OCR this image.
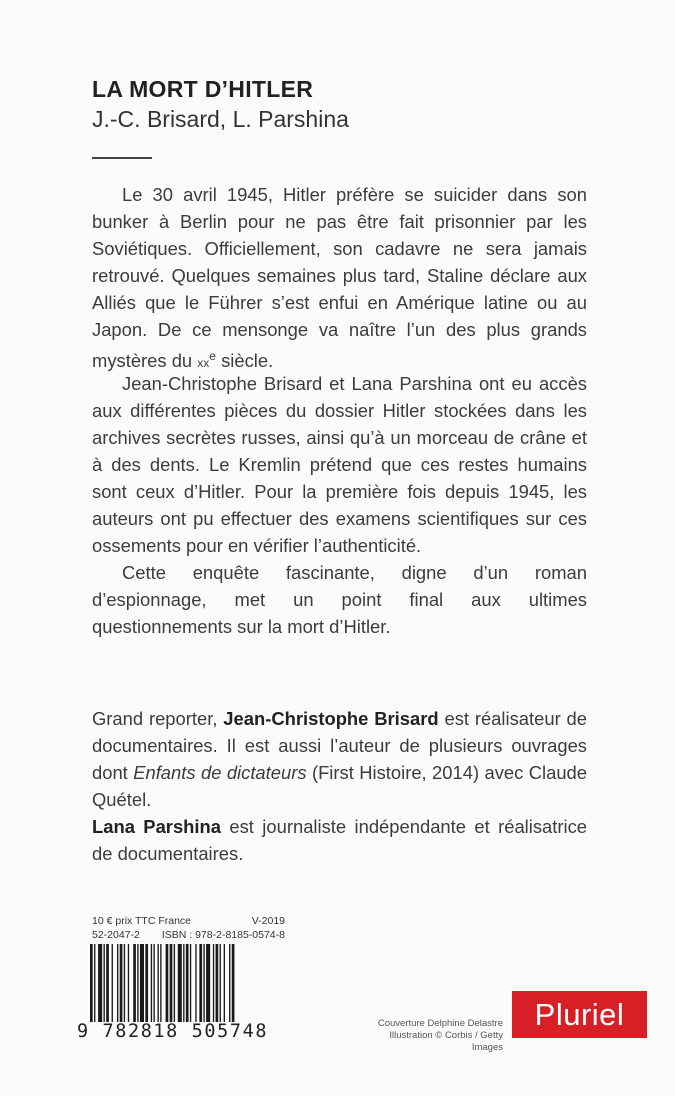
LA MORT D’HITLER
J.-C. Brisard, L. Parshina

Le 30 avril 1945, Hitler préfère se suicider dans son bunker à Berlin pour ne pas être fait prisonnier par les Soviétiques. Officiellement, son cadavre ne sera jamais retrouvé. Quelques semaines plus tard, Staline déclare aux Alliés que le Führer s’est enfui en Amérique latine ou au Japon. De ce mensonge va naître l’un des plus grands mystères du $xx^e$ siècle.

Jean-Christophe Brisard et Lana Parshina ont eu accès aux différentes pièces du dossier Hitler stockées dans les archives secrètes russes, ainsi qu’à un morceau de crâne et à des dents. Le Kremlin prétend que ces restes humains sont ceux d’Hitler. Pour la première fois depuis 1945, les auteurs ont pu effectuer des examens scientifiques sur ces ossements pour en vérifier l’authenticité.

Cette enquête fascinante, digne d’un roman d’espionnage, met un point final aux ultimes questionnements sur la mort d’Hitler.

Grand reporter, Jean-Christophe Brisard est réalisateur de documentaires. Il est aussi l’auteur de plusieurs ouvrages dont Enfants de dictateurs (First Histoire, 2014) avec Claude Quétel.

Lana Parshina est journaliste indépendante et réalisatrice de documentaires.

10 € prix TTC France	V-2019
52-2047-2 ISBN : 978-2-8185-0574-8
9 782818 505748	Couverture Delphine Delastre
Illustration © Corbis / Getty Images
Pluriel
